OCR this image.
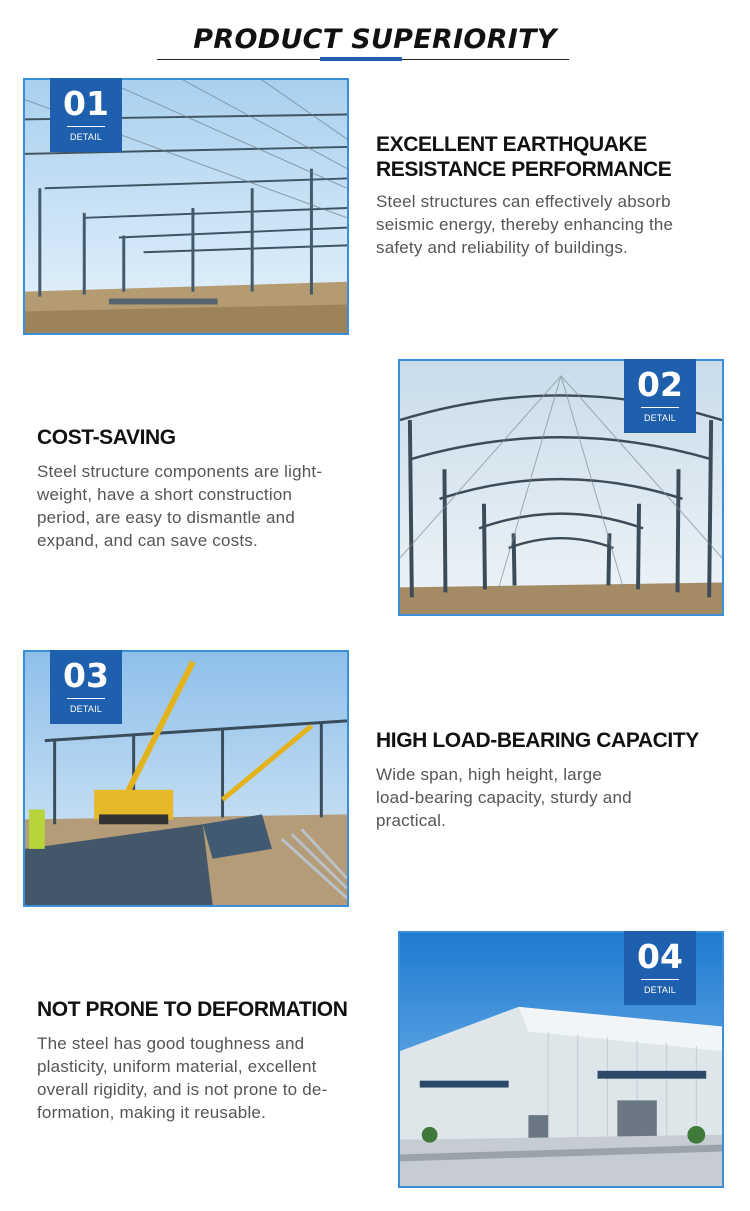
PRODUCT SUPERIORITY
01
DETAIL	EXCELLENT EARTHQUAKE
RESISTANCE PERFORMANCE
Steel structures can effectively absorb
seismic energy, thereby enhancing the
safety and reliability of buildings.
02
DETAIL
COST-SAVING
Steel structure components are light-
weight, have a short construction
period, are easy to dismantle and
expand, and can save costs.
03
DETAIL
HIGH LOAD-BEARING CAPACITY
Wide span, high height, large
load-bearing capacity, sturdy and
practical.
04
DETAIL
NOT PRONE TO DEFORMATION
The steel has good toughness and
plasticity, uniform material, excellent
overall rigidity, and is not prone to de-
formation, making it reusable.
